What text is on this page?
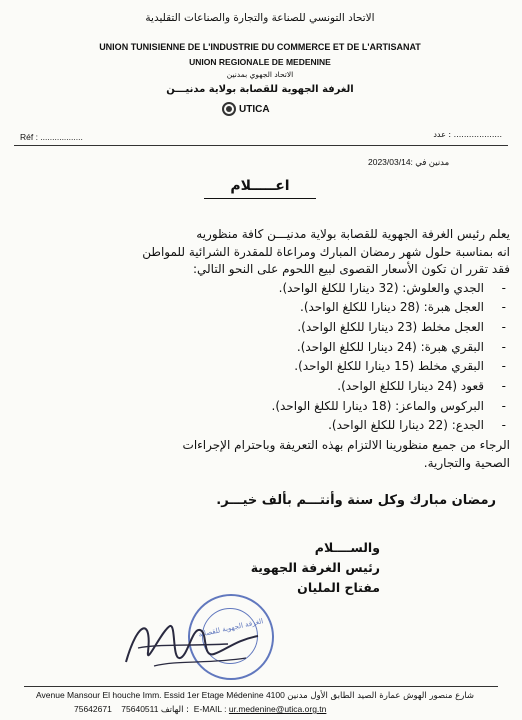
الاتحاد التونسي للصناعة والتجارة والصناعات التقليدية
UNION TUNISIENNE DE L'INDUSTRIE DU COMMERCE ET DE L'ARTISANAT
UNION REGIONALE DE MEDENINE
الاتحاد الجهوي بمدنين
الغرفة الجهوية للقصابة بولاية مدنيـــن
UTICA
Réf : ..................	عدد : ...................
مدنين في :2023/03/14
اعـــــلام

يعلم رئيس الغرفة الجهوية للقصابة بولاية مدنيـــن كافة منظوريه

انه بمناسبة حلول شهر رمضان المبارك ومراعاة للمقدرة الشرائية للمواطن

فقد تقرر ان تكون الأسعار القصوى لبيع اللحوم على النحو التالي:

- الجدي والعلوش: (32 دينارا للكلغ الواحد).
- العجل هبرة: (28 دينارا للكلغ الواحد).
- العجل مخلط (23 دينارا للكلغ الواحد).
- البقري هبرة: (24 دينارا للكلغ الواحد).
- البقري مخلط (15 دينارا للكلغ الواحد).
- قعود (24 دينارا للكلغ الواحد).
- البركوس والماعز: (18 دينارا للكلغ الواحد).
- الجدع: (22 دينارا للكلغ الواحد).

الرجاء من جميع منظورينا الالتزام بهذه التعريفة وباحترام الإجراءات

الصحية والتجارية.

رمضان مبارك وكل سنة وأنتـــم بألف خيـــر.
والســــلام
رئيس الغرفة الجهوية
مفتاح المليان
الغرفة الجهوية للقصابة
Avenue Mansour El houche Imm. Essid 1er Etage Médenine 4100 شارع منصور الهوش عمارة الصيد الطابق الأول مدنين
75642671 75640511 الهاتف : E-MAIL : ur.medenine@utica.org.tn
